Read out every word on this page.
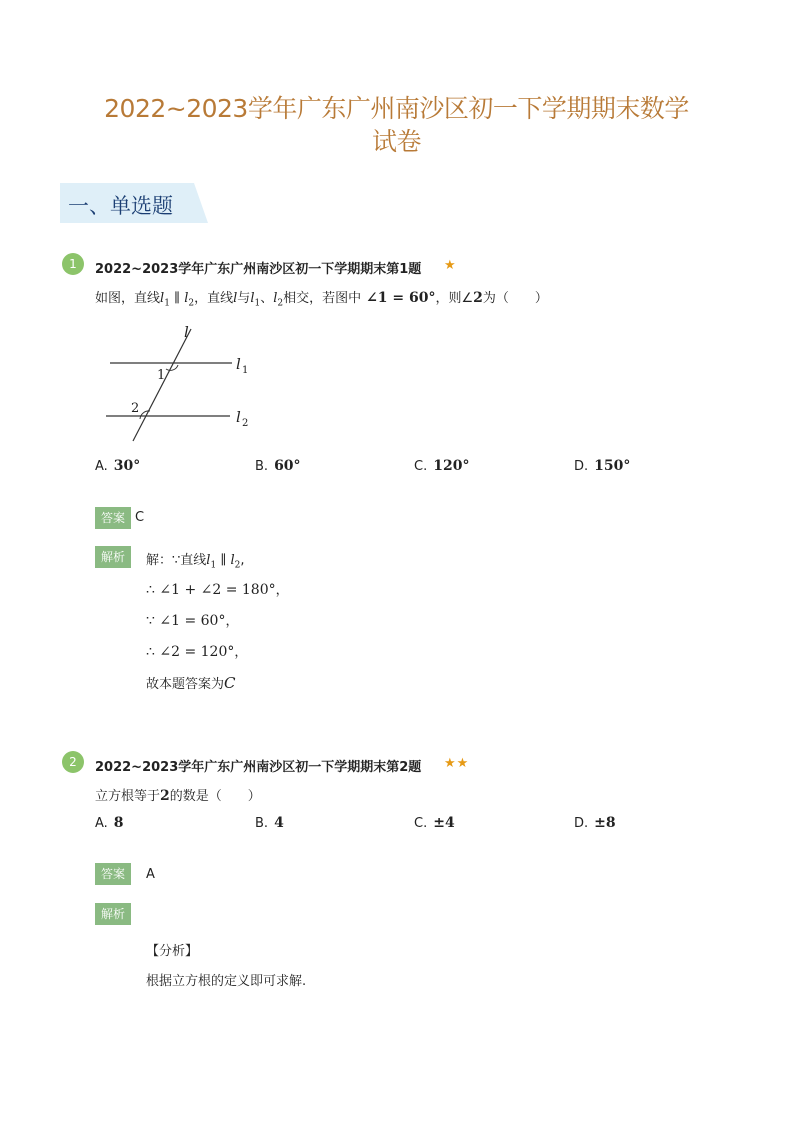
2022~2023学年广东广州南沙区初一下学期期末数学
试卷
一、单选题
1	2022~2023学年广东广州南沙区初一下学期期末第1题 ★
如图，直线$l_1$ ∥ $l_2$，直线l与$l_1$、$l_2$相交，若图中 ∠1 = 60°，则∠2为（　　）
l
l 1
l 2
1
2
A. 30°	B. 60°	C. 120°	D. 150°
答案 C
解析	解：∵直线$l_1$ ∥ $l_2$,
∴ ∠1 + ∠2 = 180°，
∵ ∠1 = 60°，
∴ ∠2 = 120°，
故本题答案为C
2	2022~2023学年广东广州南沙区初一下学期期末第2题 ★★
立方根等于2的数是（　　）
A. 8	B. 4	C. ±4	D. ±8
答案	A
解析
【分析】
根据立方根的定义即可求解.
